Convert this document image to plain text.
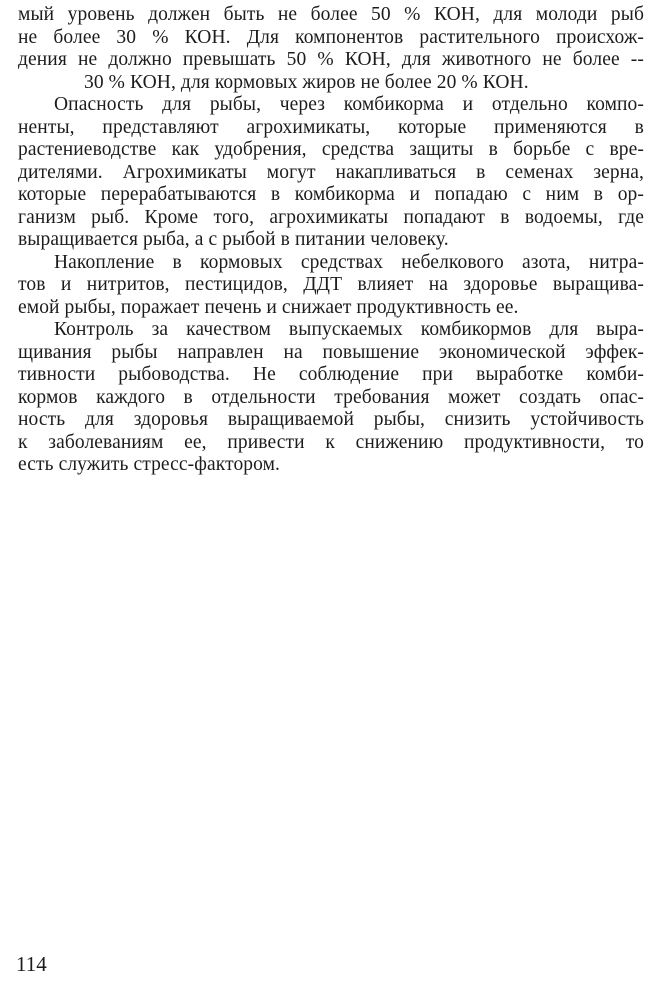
мый уровень должен быть не более 50 % КОН, для молоди рыб
не более 30 % КОН. Для компонентов растительного происхож-
дения не должно превышать 50 % КОН, для животного не более --
30 % КОН, для кормовых жиров не более 20 % КОН.
Опасность для рыбы, через комбикорма и отдельно компо-
ненты, представляют агрохимикаты, которые применяются в
растениеводстве как удобрения, средства защиты в борьбе с вре-
дителями. Агрохимикаты могут накапливаться в семенах зерна,
которые перерабатываются в комбикорма и попадаю с ним в ор-
ганизм рыб. Кроме того, агрохимикаты попадают в водоемы, где
выращивается рыба, а с рыбой в питании человеку.
Накопление в кормовых средствах небелкового азота, нитра-
тов и нитритов, пестицидов, ДДТ влияет на здоровье выращива-
емой рыбы, поражает печень и снижает продуктивность ее.
Контроль за качеством выпускаемых комбикормов для выра-
щивания рыбы направлен на повышение экономической эффек-
тивности рыбоводства. Не соблюдение при выработке комби-
кормов каждого в отдельности требования может создать опас-
ность для здоровья выращиваемой рыбы, снизить устойчивость
к заболеваниям ее, привести к снижению продуктивности, то
есть служить стресс-фактором.
114
